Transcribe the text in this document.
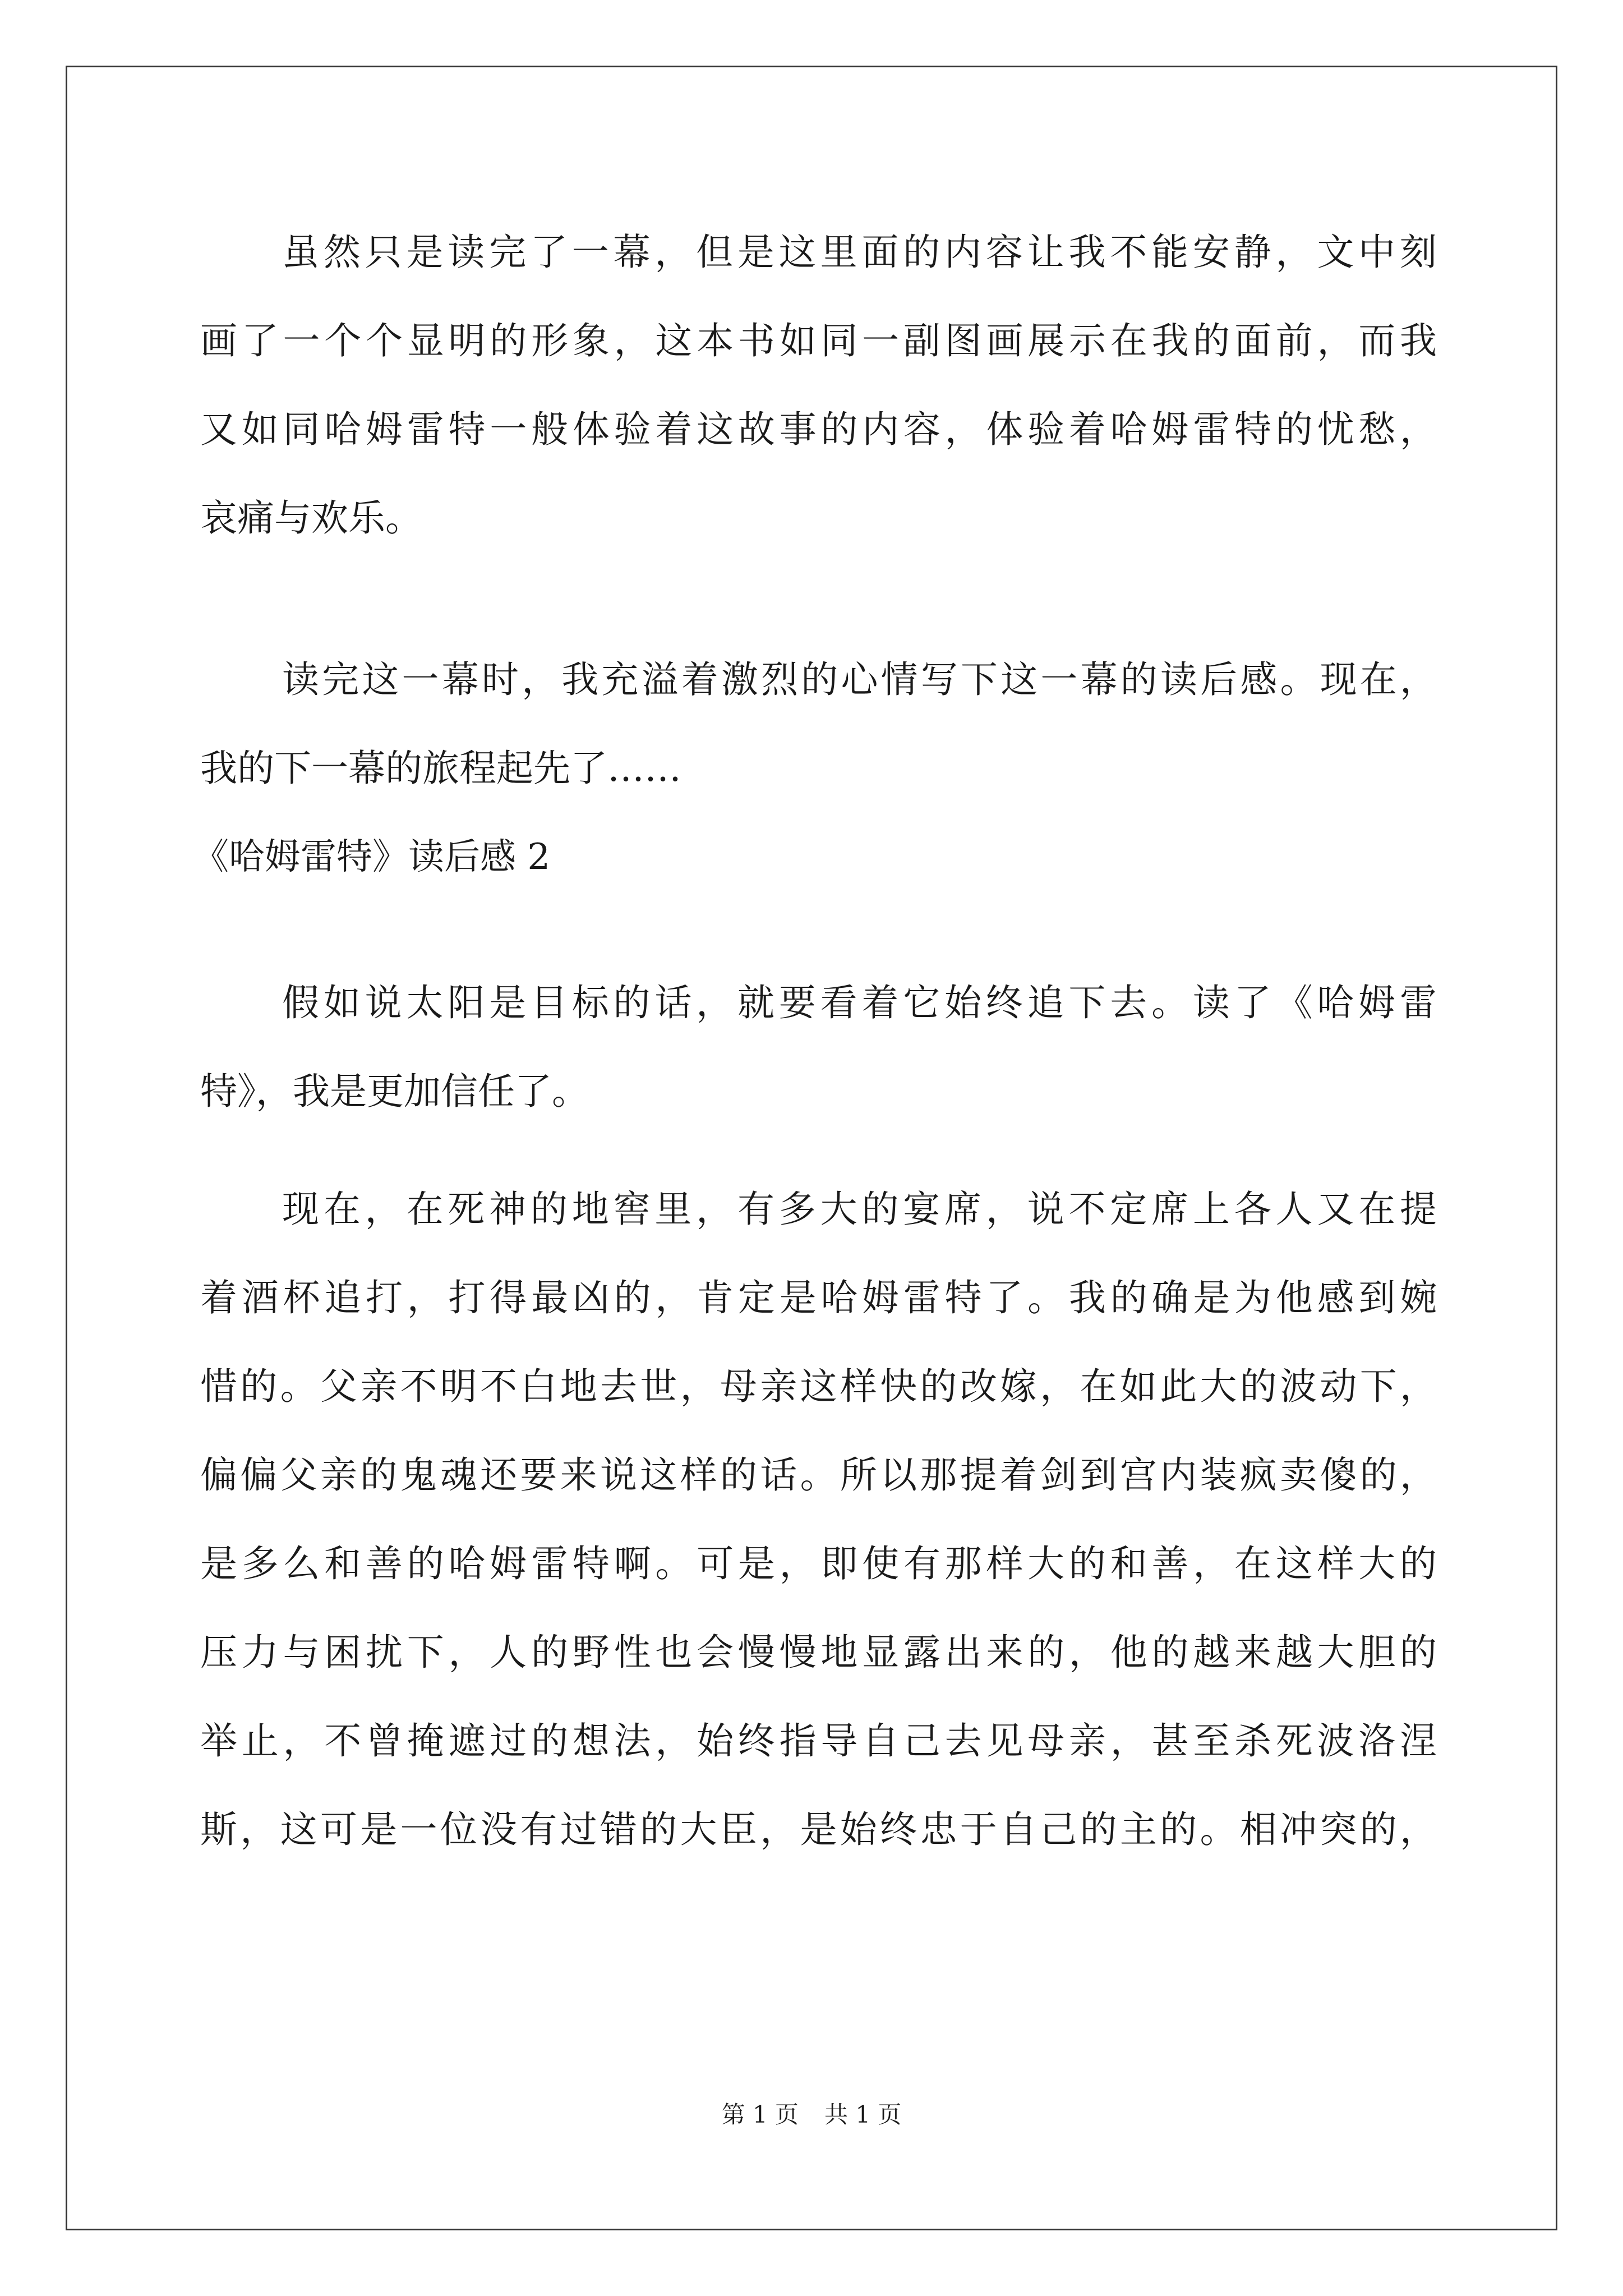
虽然只是读完了一幕，但是这里面的内容让我不能安静，文中刻
画了一个个显明的形象，这本书如同一副图画展示在我的面前，而我
又如同哈姆雷特一般体验着这故事的内容，体验着哈姆雷特的忧愁，
哀痛与欢乐。
读完这一幕时，我充溢着激烈的心情写下这一幕的读后感。现在，
我的下一幕的旅程起先了……
《哈姆雷特》读后感 2
假如说太阳是目标的话，就要看着它始终追下去。读了《哈姆雷
特》，我是更加信任了。
现在，在死神的地窖里，有多大的宴席，说不定席上各人又在提
着酒杯追打，打得最凶的，肯定是哈姆雷特了。我的确是为他感到婉
惜的。父亲不明不白地去世，母亲这样快的改嫁，在如此大的波动下，
偏偏父亲的鬼魂还要来说这样的话。所以那提着剑到宫内装疯卖傻的，
是多么和善的哈姆雷特啊。可是，即使有那样大的和善，在这样大的
压力与困扰下，人的野性也会慢慢地显露出来的，他的越来越大胆的
举止，不曾掩遮过的想法，始终指导自己去见母亲，甚至杀死波洛涅
斯，这可是一位没有过错的大臣，是始终忠于自己的主的。相冲突的，
第 1 页 共 1 页
